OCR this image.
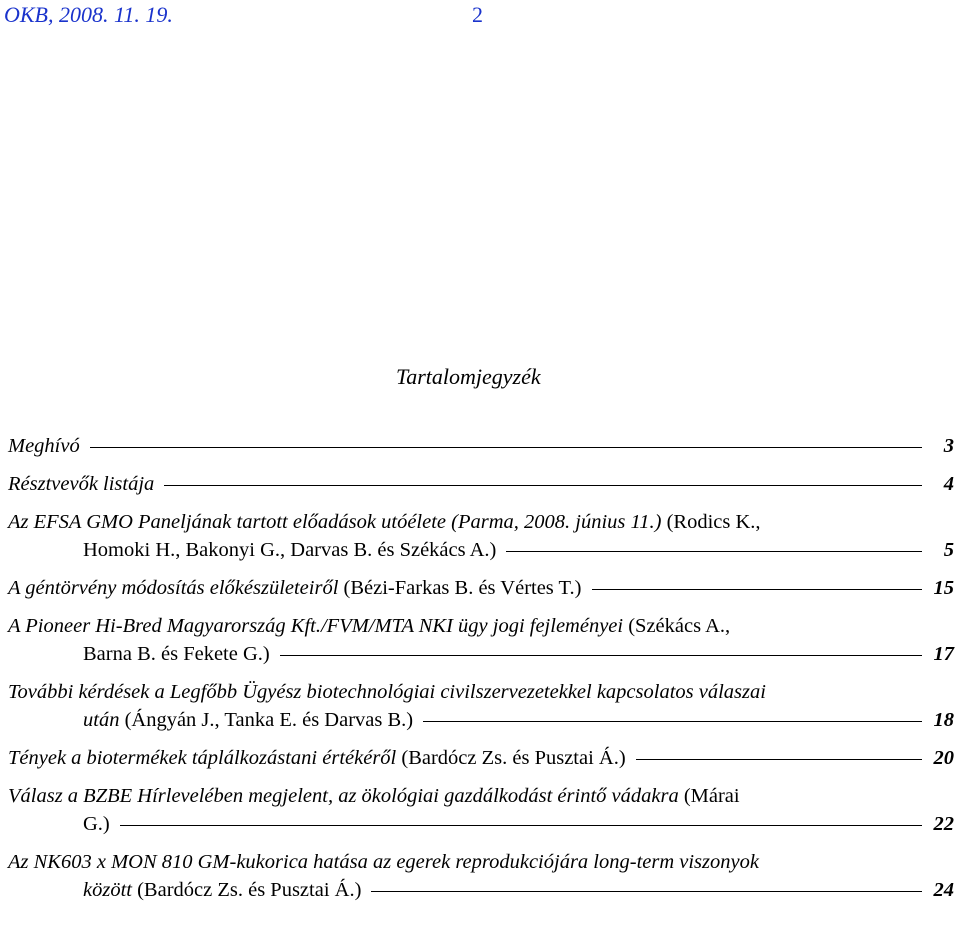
OKB, 2008. 11. 19.	2
Tartalomjegyzék
Meghívó	3
Résztvevők listája	4
Az EFSA GMO Paneljának tartott előadások utóélete (Parma, 2008. június 11.) (Rodics K.,
Homoki H., Bakonyi G., Darvas B. és Székács A.)	5
A géntörvény módosítás előkészületeiről (Bézi-Farkas B. és Vértes T.)	15
A Pioneer Hi-Bred Magyarország Kft./FVM/MTA NKI ügy jogi fejleményei (Székács A.,
Barna B. és Fekete G.)	17
További kérdések a Legfőbb Ügyész biotechnológiai civilszervezetekkel kapcsolatos válaszai
után (Ángyán J., Tanka E. és Darvas B.)	18
Tények a biotermékek táplálkozástani értékéről (Bardócz Zs. és Pusztai Á.)	20
Válasz a BZBE Hírlevelében megjelent, az ökológiai gazdálkodást érintő vádakra (Márai
G.)	22
Az NK603 x MON 810 GM-kukorica hatása az egerek reprodukciójára long-term viszonyok
között (Bardócz Zs. és Pusztai Á.)	24
